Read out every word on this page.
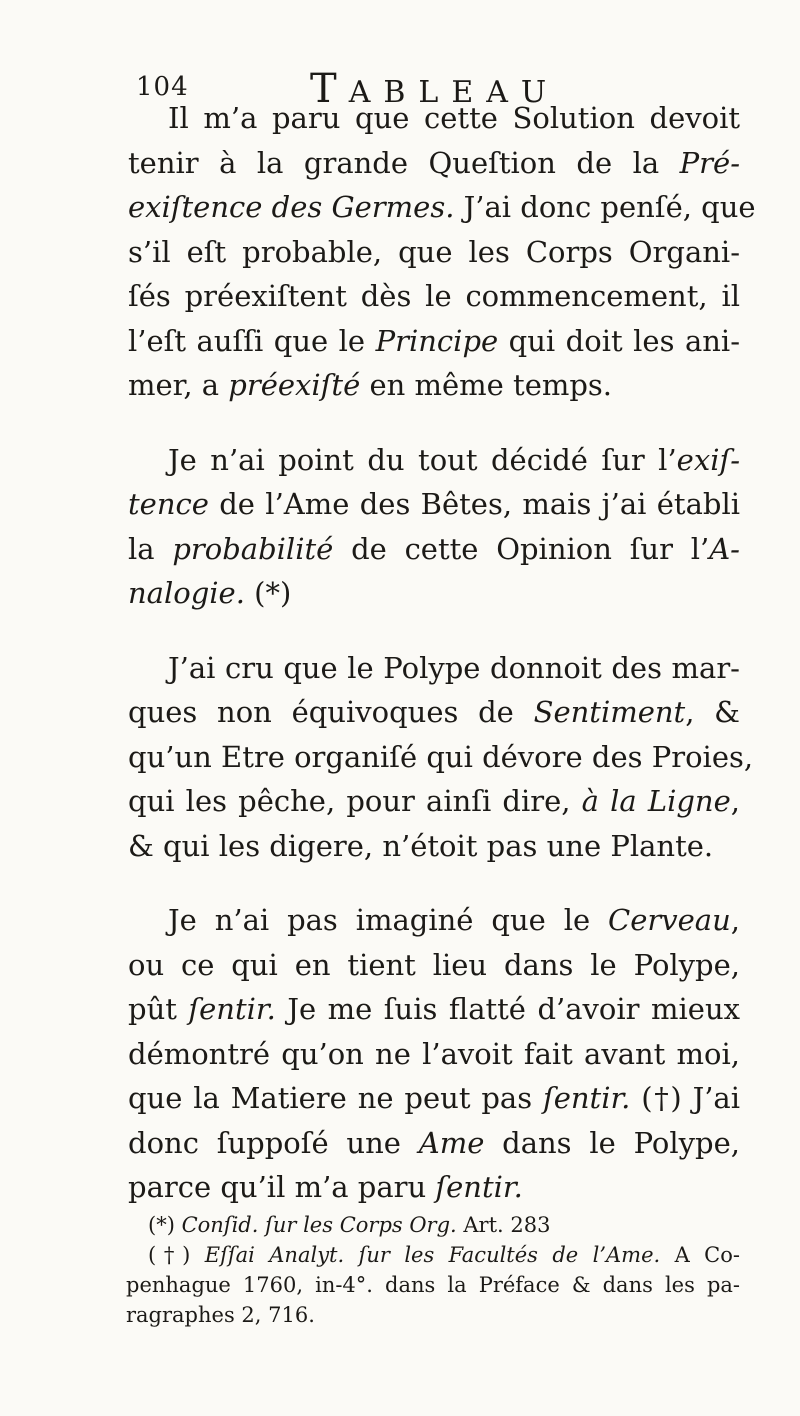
104	TABLEAU
Il m’a paru que cette Solution devoit
tenir à la grande Queſtion de la Pré-
exiſtence des Germes. J’ai donc penſé, que
s’il eſt probable, que les Corps Organi-
ſés préexiſtent dès le commencement, il
l’eſt auſſi que le Principe qui doit les ani-
mer, a préexiſté en même temps.
Je n’ai point du tout décidé ſur l’exiſ-
tence de l’Ame des Bêtes, mais j’ai établi
la probabilité de cette Opinion ſur l’A-
nalogie. (*)
J’ai cru que le Polype donnoit des mar-
ques non équivoques de Sentiment, &
qu’un Etre organiſé qui dévore des Proies,
qui les pêche, pour ainſi dire, à la Ligne,
& qui les digere, n’étoit pas une Plante.
Je n’ai pas imaginé que le Cerveau,
ou ce qui en tient lieu dans le Polype,
pût ſentir. Je me ſuis flatté d’avoir mieux
démontré qu’on ne l’avoit fait avant moi,
que la Matiere ne peut pas ſentir. (†) J’ai
donc ſuppoſé une Ame dans le Polype,
parce qu’il m’a paru ſentir.
(*) Conſid. ſur les Corps Org. Art. 283
(†) Eſſai Analyt. ſur les Facultés de l’Ame. A Co-
penhague 1760, in-4°. dans la Préface & dans les pa-
ragraphes 2, 716.
